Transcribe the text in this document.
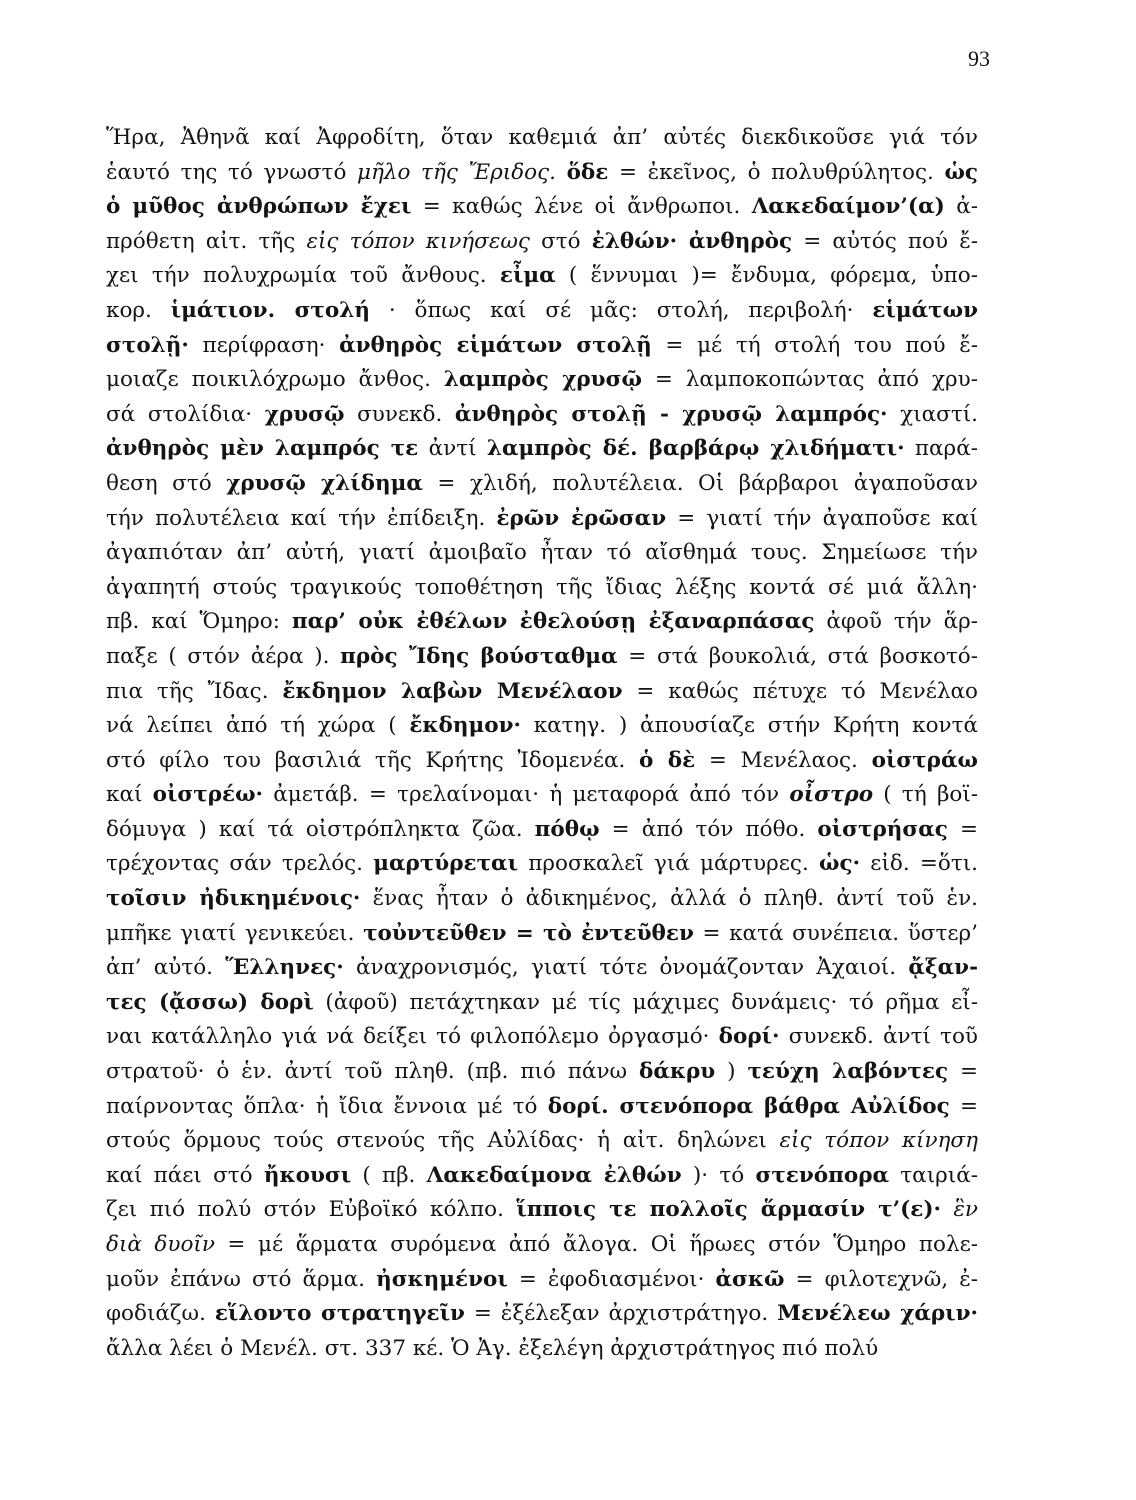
93
Ἥρα, Ἀθηνᾶ καί Ἀφροδίτη, ὅταν καθεμιά ἀπ’ αὐτές διεκδικοῦσε γιά τόν
ἑαυτό της τό γνωστό μῆλο τῆς Ἔριδος. ὅδε = ἐκεῖνος, ὁ πολυθρύλητος. ὡς
ὁ μῦθος ἀνθρώπων ἔχει = καθώς λένε οἱ ἄνθρωποι. Λακεδαίμον’(α) ἀ-
πρόθετη αἰτ. τῆς εἰς τόπον κινήσεως στό ἐλθών· ἀνθηρὸς = αὐτός πού ἔ-
χει τήν πολυχρωμία τοῦ ἄνθους. εἶμα ( ἕννυμαι )= ἔνδυμα, φόρεμα, ὑπο-
κορ. ἱμάτιον. στολή · ὅπως καί σέ μᾶς: στολή, περιβολή· εἱμάτων
στολῇ· περίφραση· ἀνθηρὸς εἱμάτων στολῇ = μέ τή στολή του πού ἔ-
μοιαζε ποικιλόχρωμο ἄνθος. λαμπρὸς χρυσῷ = λαμποκοπώντας ἀπό χρυ-
σά στολίδια· χρυσῷ συνεκδ. ἀνθηρὸς στολῇ - χρυσῷ λαμπρός· χιαστί.
ἀνθηρὸς μὲν λαμπρός τε ἀντί λαμπρὸς δέ. βαρβάρῳ χλιδήματι· παρά-
θεση στό χρυσῷ χλίδημα = χλιδή, πολυτέλεια. Οἱ βάρβαροι ἀγαποῦσαν
τήν πολυτέλεια καί τήν ἐπίδειξη. ἐρῶν ἐρῶσαν = γιατί τήν ἀγαποῦσε καί
ἀγαπιόταν ἀπ’ αὐτή, γιατί ἀμοιβαῖο ἦταν τό αἴσθημά τους. Σημείωσε τήν
ἀγαπητή στούς τραγικούς τοποθέτηση τῆς ἴδιας λέξης κοντά σέ μιά ἄλλη·
πβ. καί Ὅμηρο: παρ’ οὐκ ἐθέλων ἐθελούσῃ ἐξαναρπάσας ἀφοῦ τήν ἅρ-
παξε ( στόν ἀέρα ). πρὸς Ἴδης βούσταθμα = στά βουκολιά, στά βοσκοτό-
πια τῆς Ἴδας. ἔκδημον λαβὼν Μενέλαον = καθώς πέτυχε τό Μενέλαο
νά λείπει ἀπό τή χώρα ( ἔκδημον· κατηγ. ) ἀπουσίαζε στήν Κρήτη κοντά
στό φίλο του βασιλιά τῆς Κρήτης Ἰδομενέα. ὁ δὲ = Μενέλαος. οἰστράω
καί οἰστρέω· ἀμετάβ. = τρελαίνομαι· ἡ μεταφορά ἀπό τόν οἶστρο ( τή βοϊ-
δόμυγα ) καί τά οἰστρόπληκτα ζῶα. πόθῳ = ἀπό τόν πόθο. οἰστρήσας =
τρέχοντας σάν τρελός. μαρτύρεται προσκαλεῖ γιά μάρτυρες. ὡς· εἰδ. =ὅτι.
τοῖσιν ἠδικημένοις· ἕνας ἦταν ὁ ἀδικημένος, ἀλλά ὁ πληθ. ἀντί τοῦ ἑν.
μπῆκε γιατί γενικεύει. τοὐντεῦθεν = τὸ ἐντεῦθεν = κατά συνέπεια. ὕστερ’
ἀπ’ αὐτό. Ἕλληνες· ἀναχρονισμός, γιατί τότε ὀνομάζονταν Ἀχαιοί. ᾄξαν-
τες (ᾄσσω) δορὶ (ἀφοῦ) πετάχτηκαν μέ τίς μάχιμες δυνάμεις· τό ρῆμα εἶ-
ναι κατάλληλο γιά νά δείξει τό φιλοπόλεμο ὀργασμό· δορί· συνεκδ. ἀντί τοῦ
στρατοῦ· ὁ ἑν. ἀντί τοῦ πληθ. (πβ. πιό πάνω δάκρυ ) τεύχη λαβόντες =
παίρνοντας ὅπλα· ἡ ἴδια ἔννοια μέ τό δορί. στενόπορα βάθρα Αὐλίδος =
στούς ὅρμους τούς στενούς τῆς Αὐλίδας· ἡ αἰτ. δηλώνει εἰς τόπον κίνηση
καί πάει στό ἤκουσι ( πβ. Λακεδαίμονα ἐλθών )· τό στενόπορα ταιριά-
ζει πιό πολύ στόν Εὐβοϊκό κόλπο. ἵπποις τε πολλοῖς ἅρμασίν τ’(ε)· ἓν
διὰ δυοῖν = μέ ἅρματα συρόμενα ἀπό ἄλογα. Οἱ ἥρωες στόν Ὅμηρο πολε-
μοῦν ἐπάνω στό ἅρμα. ἠσκημένοι = ἐφοδιασμένοι· ἀσκῶ = φιλοτεχνῶ, ἐ-
φοδιάζω. εἵλοντο στρατηγεῖν = ἐξέλεξαν ἀρχιστράτηγο. Μενέλεω χάριν·
ἄλλα λέει ὁ Μενέλ. στ. 337 κέ. Ὁ Ἀγ. ἐξελέγη ἀρχιστράτηγος πιό πολύ
